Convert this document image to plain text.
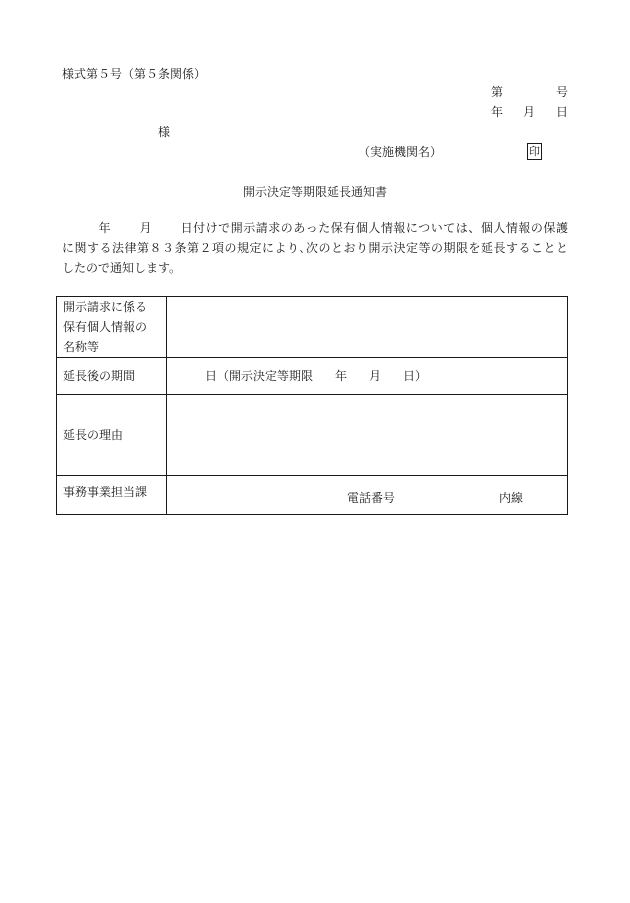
様式第５号（第５条関係）
第	号
年 月 日
様
（実施機関名）	印
開示決定等期限延長通知書
年 月 日付けで開示請求のあった保有個人情報については、個人情報の保護
に関する法律第８３条第２項の規定により､次のとおり開示決定等の期限を延長することと
したので通知します。
開示請求に係る
保有個人情報の
名称等	

延長後の期間	日（開示決定等期限 年 月 日）
延長の理由	
事務事業担当課	電話番号 内線
